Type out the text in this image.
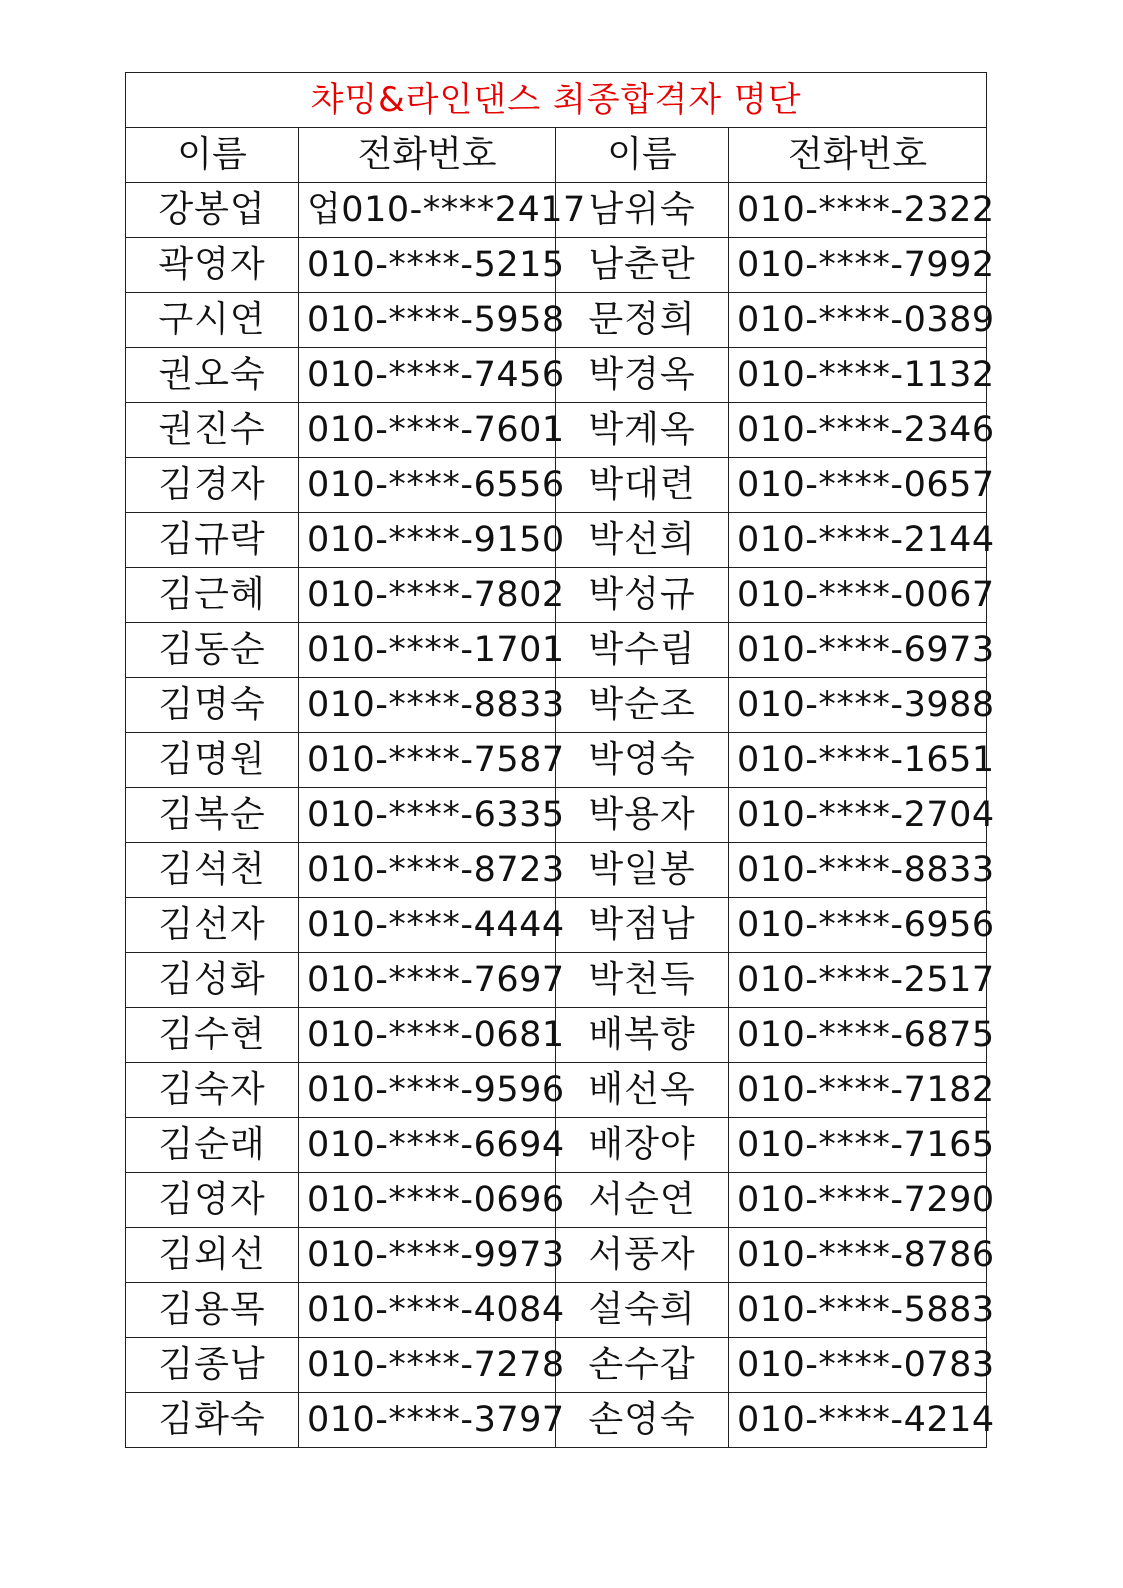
챠밍&라인댄스 최종합격자 명단			
이름	전화번호	이름	전화번호
강봉업	업010-****2417	남위숙	010-****-2322
곽영자	010-****-5215	남춘란	010-****-7992
구시연	010-****-5958	문정희	010-****-0389
권오숙	010-****-7456	박경옥	010-****-1132
권진수	010-****-7601	박계옥	010-****-2346
김경자	010-****-6556	박대련	010-****-0657
김규락	010-****-9150	박선희	010-****-2144
김근혜	010-****-7802	박성규	010-****-0067
김동순	010-****-1701	박수림	010-****-6973
김명숙	010-****-8833	박순조	010-****-3988
김명원	010-****-7587	박영숙	010-****-1651
김복순	010-****-6335	박용자	010-****-2704
김석천	010-****-8723	박일봉	010-****-8833
김선자	010-****-4444	박점남	010-****-6956
김성화	010-****-7697	박천득	010-****-2517
김수현	010-****-0681	배복향	010-****-6875
김숙자	010-****-9596	배선옥	010-****-7182
김순래	010-****-6694	배장야	010-****-7165
김영자	010-****-0696	서순연	010-****-7290
김외선	010-****-9973	서풍자	010-****-8786
김용목	010-****-4084	설숙희	010-****-5883
김종남	010-****-7278	손수갑	010-****-0783
김화숙	010-****-3797	손영숙	010-****-4214
